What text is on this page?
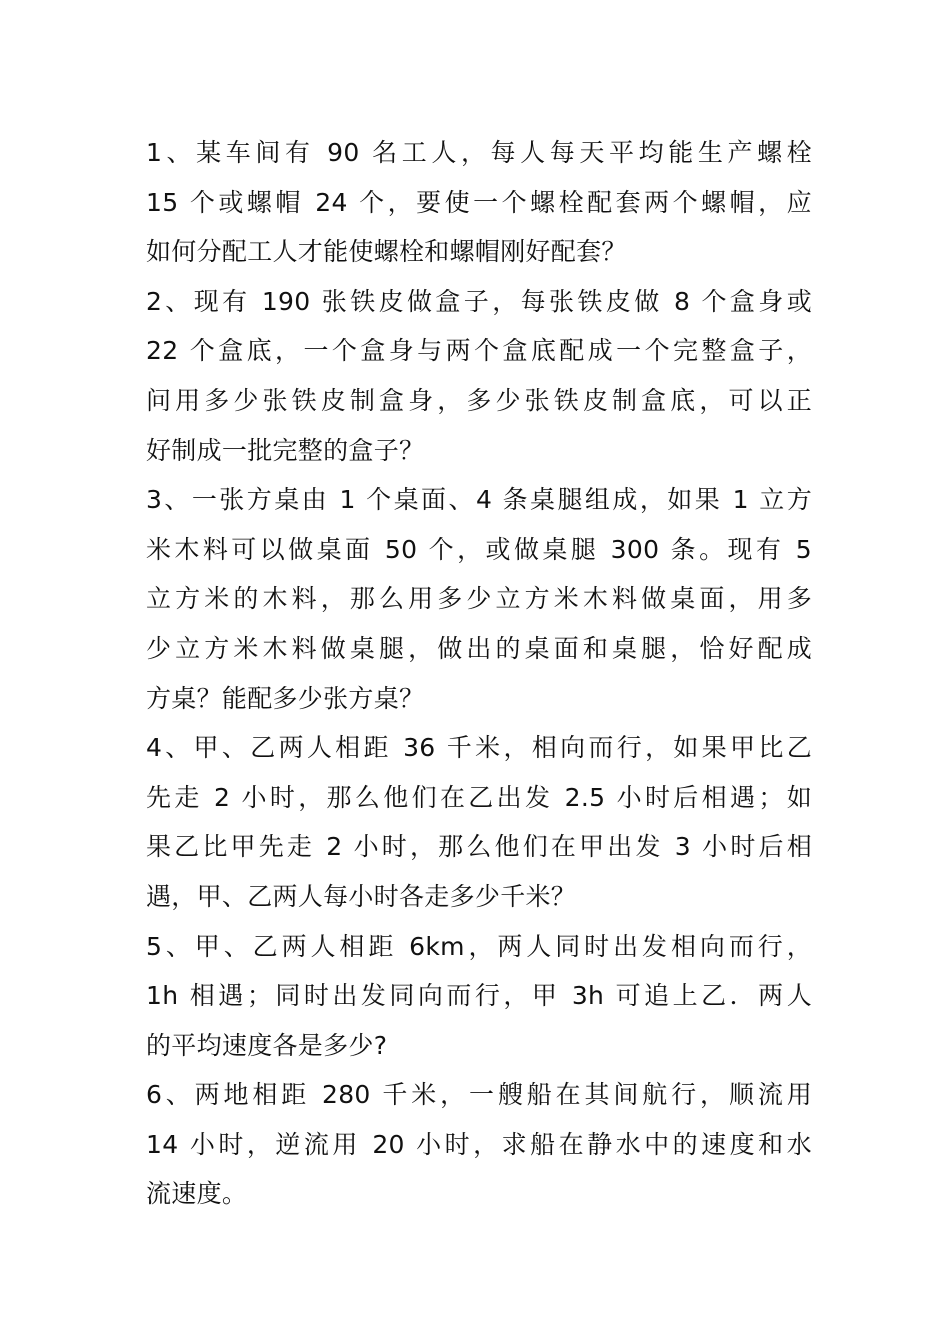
1、某车间有 90 名工人，每人每天平均能生产螺栓
15 个或螺帽 24 个，要使一个螺栓配套两个螺帽，应
如何分配工人才能使螺栓和螺帽刚好配套？
2、现有 190 张铁皮做盒子，每张铁皮做 8 个盒身或
22 个盒底，一个盒身与两个盒底配成一个完整盒子，
问用多少张铁皮制盒身，多少张铁皮制盒底，可以正
好制成一批完整的盒子？
3、一张方桌由 1 个桌面、4 条桌腿组成，如果 1 立方
米木料可以做桌面 50 个，或做桌腿 300 条。现有 5
立方米的木料，那么用多少立方米木料做桌面，用多
少立方米木料做桌腿，做出的桌面和桌腿，恰好配成
方桌？能配多少张方桌？
4、甲、乙两人相距 36 千米，相向而行，如果甲比乙
先走 2 小时，那么他们在乙出发 2.5 小时后相遇；如
果乙比甲先走 2 小时，那么他们在甲出发 3 小时后相
遇，甲、乙两人每小时各走多少千米？
5、甲、乙两人相距 6km，两人同时出发相向而行，
1h 相遇；同时出发同向而行，甲 3h 可追上乙．两人
的平均速度各是多少?
6、两地相距 280 千米，一艘船在其间航行，顺流用
14 小时，逆流用 20 小时，求船在静水中的速度和水
流速度。
